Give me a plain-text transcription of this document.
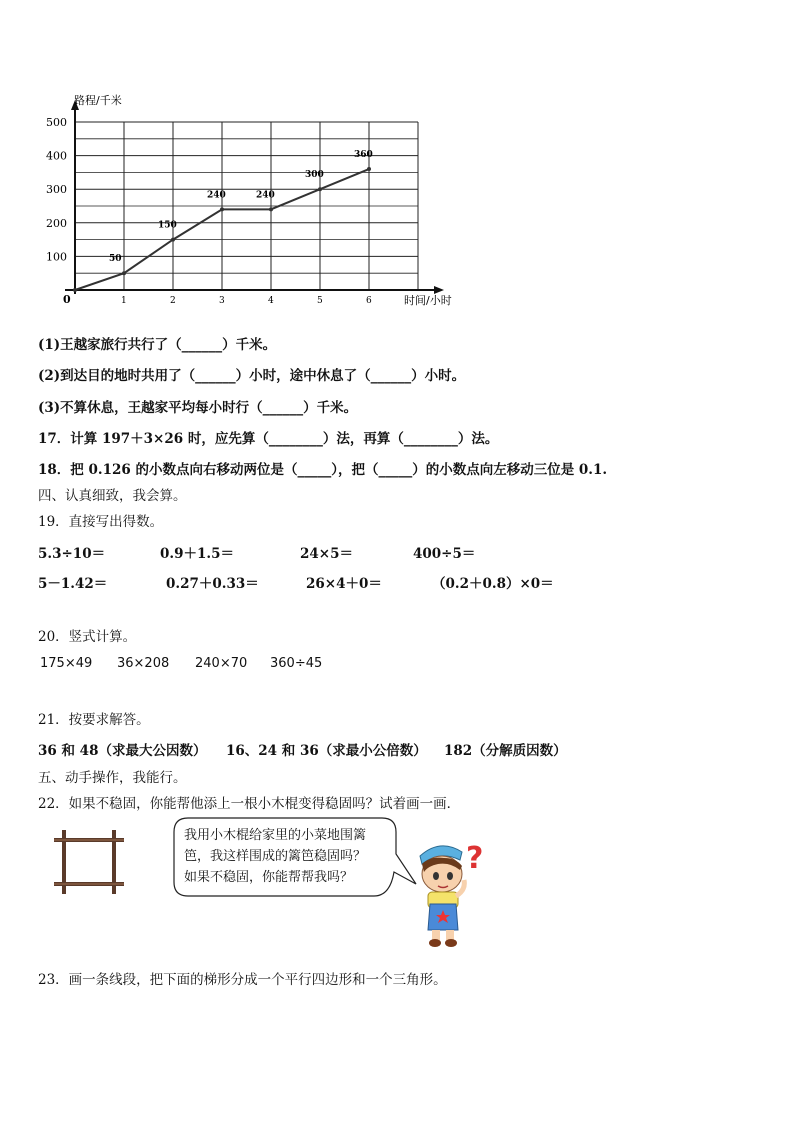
0	1	2	3	4	5	6
100
200
300
400
500
50
150
240	240
300
360
路程/千米
时间/小时
(1)王越家旅行共行了（______）千米。
(2)到达目的地时共用了（______）小时，途中休息了（______）小时。
(3)不算休息，王越家平均每小时行（______）千米。
17．计算 197＋3×26 时，应先算（________）法，再算（________）法。
18．把 0.126 的小数点向右移动两位是（_____），把（_____）的小数点向左移动三位是 0.1.
四、认真细致，我会算。
19．直接写出得数。
5.3÷10＝	0.9＋1.5＝	24×5＝	400÷5＝
5－1.42＝	0.27＋0.33＝	26×4＋0＝	（0.2＋0.8）×0＝
20．竖式计算。
175×49 36×208 240×70 360÷45
21．按要求解答。
36 和 48（求最大公因数） 16、24 和 36（求最小公倍数） 182（分解质因数）
五、动手操作，我能行。
22．如果不稳固，你能帮他添上一根小木棍变得稳固吗？试着画一画．
我用小木棍给家里的小菜地围篱
笆，我这样围成的篱笆稳固吗？
如果不稳固，你能帮帮我吗？
?
23．画一条线段，把下面的梯形分成一个平行四边形和一个三角形。
